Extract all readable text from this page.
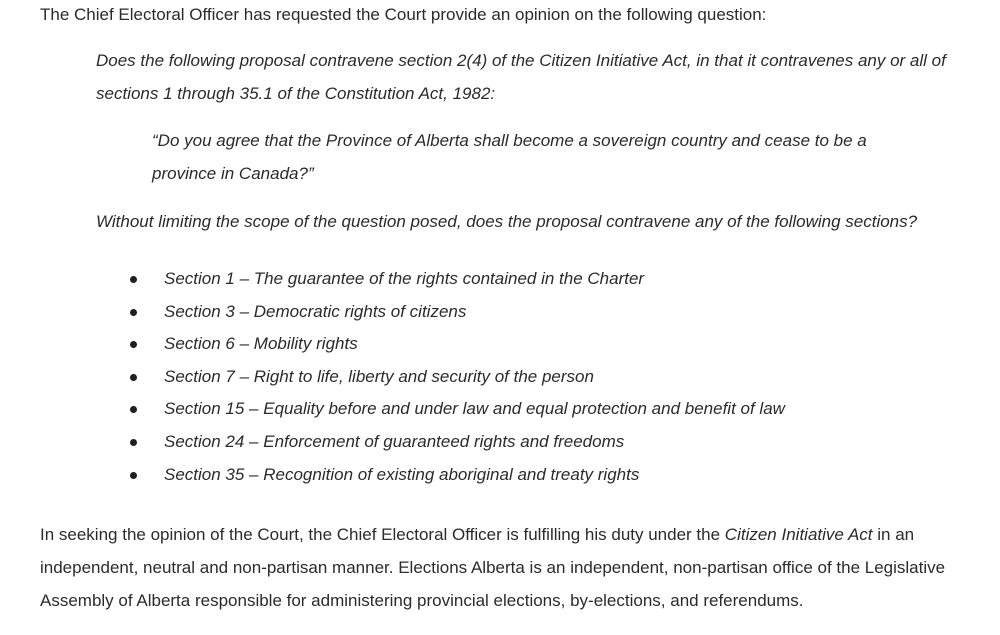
The Chief Electoral Officer has requested the Court provide an opinion on the following question:

Does the following proposal contravene section 2(4) of the Citizen Initiative Act, in that it contravenes any or all of sections 1 through 35.1 of the Constitution Act, 1982:

“Do you agree that the Province of Alberta shall become a sovereign country and cease to be a province in Canada?”

Without limiting the scope of the question posed, does the proposal contravene any of the following sections?

Section 1 – The guarantee of the rights contained in the Charter
Section 3 – Democratic rights of citizens
Section 6 – Mobility rights
Section 7 – Right to life, liberty and security of the person
Section 15 – Equality before and under law and equal protection and benefit of law
Section 24 – Enforcement of guaranteed rights and freedoms
Section 35 – Recognition of existing aboriginal and treaty rights

In seeking the opinion of the Court, the Chief Electoral Officer is fulfilling his duty under the Citizen Initiative Act in an independent, neutral and non-partisan manner. Elections Alberta is an independent, non-partisan office of the Legislative Assembly of Alberta responsible for administering provincial elections, by-elections, and referendums.
